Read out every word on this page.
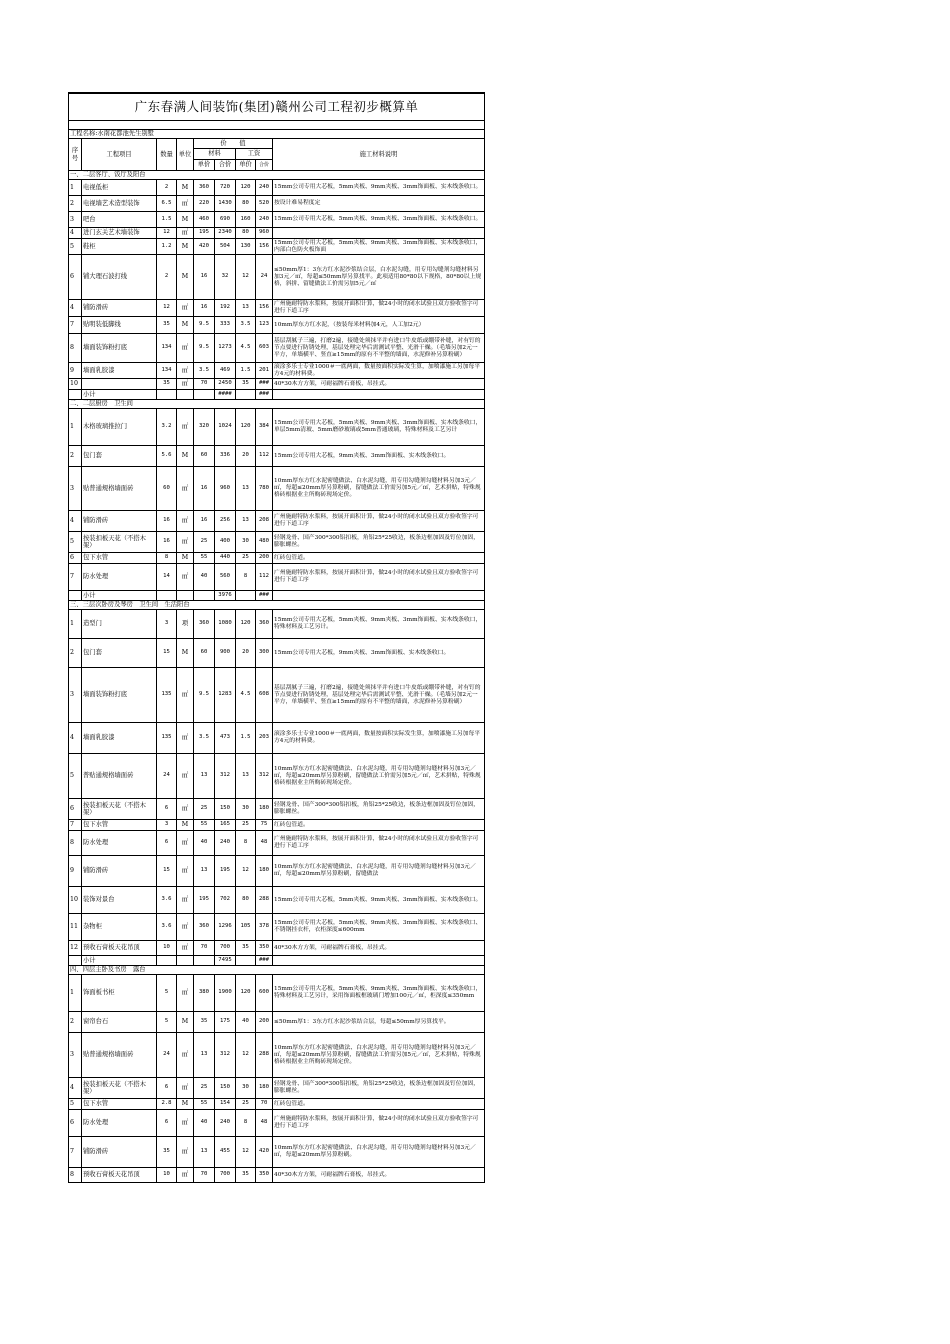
广东春满人间装饰(集团)赣州公司工程初步概算单								

工程名称:水南花都池先生别墅								
序号	工程项目	数量	单位	价　　值				施工材料说明
				材料		工资		
				单价	合价	单价	合价	
一、二层客厅、饭厅及阳台								
1	电视低柜	2	M	360	720	120	240	15mm公司专用大芯板，5mm夹板、9mm夹板、3mm饰面板、实木线条收口。
2	电视墙艺术造型装饰	6.5	㎡	220	1430	80	520	按设计难易程度定
3	吧台	1.5	M	460	690	160	240	15mm公司专用大芯板，5mm夹板、9mm夹板、3mm饰面板、实木线条收口。
4	进门玄关艺术墙装饰	12	㎡	195	2340	80	960	
5	鞋柜	1.2	M	420	504	130	156	15mm公司专用大芯板，5mm夹板、9mm夹板、3mm饰面板、实木线条收口，内部白色防火板饰面
6	铺大理石波打线	2	M	16	32	12	24	≤50mm厚1：3东方红水泥沙浆结合层，白水泥勾缝，用专用勾缝剂勾缝材料另加3元／㎡，每超≤50mm厚另算找平。此项适用80*80以下规格，80*80以上规格，斜拼、留缝做法工价需另加5元／㎡
4	铺防滑砖	12	㎡	16	192	13	156	广州施耐特防水浆料，按展开面积计算，做24小时的闭水试验且双方验收签字可进行下道工序
7	贴明装低脚线	35	M	9.5	333	3.5	123	10mm厚东方红水泥，（按装每米材料加4元，人工加2元）
8	墙面装饰粉打底	134	㎡	9.5	1273	4.5	603	基层刮腻子三遍，打磨2遍，接缝处须抹平并有进口牛皮纸或绷带补缝，对有钉的节点要进行防锈处理，基层处理完毕后需测试平整、光滑干燥。（毛墙另加2元一平方，单墙横平、竖直≥15mm的原有不平整的墙面，水泥修补另算粉刷）
9	墙面乳胶漆	134	㎡	3.5	469	1.5	201	滚涂多乐士专业1000＃一底两面，数量按面积实际发生算，加喷漆施工另加每平方4元的材料费。
10		35	㎡	70	2450	35	###	40*30木方方架，可耐福牌石膏板，吊挂式。
	小计				####		###	
二、二层厨房　卫生间								
1	木格玻璃推拉门	3.2	㎡	320	1024	120	384	15mm公司专用大芯板，5mm夹板、9mm夹板、3mm饰面板、实木线条收口，单层5mm清玻、5mm磨砂玻璃或5mm普通玻璃，特殊材料及工艺另计
2	包门套	5.6	M	60	336	20	112	15mm公司专用大芯板，9mm夹板、3mm饰面板、实木线条收口。
3	贴普通规格墙面砖	60	㎡	16	960	13	780	10mm厚东方红水泥密缝做法、白水泥勾缝，用专用勾缝剂勾缝材料另加3元／㎡，每超≤20mm厚另算粉刷，留缝做法工价需另加5元／㎡，艺术拼贴，特殊规格砖根据业主所购砖现场定价。
4	铺防滑砖	16	㎡	16	256	13	208	广州施耐特防水浆料，按展开面积计算，做24小时的闭水试验且双方验收签字可进行下道工序
5	按装扣板天花（不搭木架）	16	㎡	25	400	30	480	轻钢龙骨、国产300*300铝扣板，角铝25*25收边，板条边框加固及钉位加固，膨胀螺丝。
6	包下水管	8	M	55	440	25	200	红砖包管道。
7	防水处理	14	㎡	40	560	8	112	广州施耐特防水浆料，按展开面积计算，做24小时的闭水试验且双方验收签字可进行下道工序
	小计				3976		###	
三、三层次卧房及琴房　卫生间　生活阳台								
1	造型门	3	项	360	1080	120	360	15mm公司专用大芯板，5mm夹板、9mm夹板、3mm饰面板、实木线条收口，特殊材料及工艺另计。
2	包门套	15	M	60	900	20	300	15mm公司专用大芯板，9mm夹板、3mm饰面板、实木线条收口。
3	墙面装饰粉打底	135	㎡	9.5	1283	4.5	608	基层刮腻子三遍，打磨2遍，接缝处须抹平并有进口牛皮纸或绷带补缝，对有钉的节点要进行防锈处理，基层处理完毕后需测试平整、光滑干燥。（毛墙另加2元一平方，单墙横平、竖直≥15mm的原有不平整的墙面，水泥修补另算粉刷）
4	墙面乳胶漆	135	㎡	3.5	473	1.5	203	滚涂多乐士专业1000＃一底两面，数量按面积实际发生算，加喷漆施工另加每平方4元的材料费。
5	普贴通规格墙面砖	24	㎡	13	312	13	312	10mm厚东方红水泥密缝做法、白水泥勾缝，用专用勾缝剂勾缝材料另加3元／㎡，每超≤20mm厚另算粉刷，留缝做法工价需另加5元／㎡，艺术拼贴，特殊规格砖根据业主所购砖现场定价。
6	按装扣板天花（不搭木架）	6	㎡	25	150	30	180	轻钢龙骨、国产300*300铝扣板，角铝25*25收边，板条边框加固及钉位加固，膨胀螺丝。
7	包下水管	3	M	55	165	25	75	红砖包管道。
8	防水处理	6	㎡	40	240	8	48	广州施耐特防水浆料，按展开面积计算，做24小时的闭水试验且双方验收签字可进行下道工序
9	铺防滑砖	15	㎡	13	195	12	180	10mm厚东方红水泥密缝做法、白水泥勾缝，用专用勾缝剂勾缝材料另加3元／㎡，每超≤20mm厚另算粉刷，留缝做法
10	装饰对景台	3.6	㎡	195	702	80	288	15mm公司专用大芯板，5mm夹板、9mm夹板、3mm饰面板、实木线条收口。
11	杂物柜	3.6	㎡	360	1296	105	378	15mm公司专用大芯板，5mm夹板、9mm夹板、3mm饰面板、实木线条收口、不锈钢挂衣杆，衣柜深度≤600mm
12	预收石膏板天花吊顶	10	㎡	70	700	35	350	40*30木方方架，可耐福牌石膏板，吊挂式。
	小计				7495		###	
四、四层主卧及书房　露台								
1	饰面板书柜	5	㎡	380	1900	120	600	15mm公司专用大芯板，5mm夹板、9mm夹板、3mm饰面板、实木线条收口，特殊材料及工艺另计，采用饰面板框玻璃门增加100元／㎡，柜深度≤350mm
2	窗帘台石	5	M	35	175	40	200	≤50mm厚1：3东方红水泥沙浆结合层，每超≤50mm厚另算找平。
3	贴普通规格墙面砖	24	㎡	13	312	12	288	10mm厚东方红水泥密缝做法、白水泥勾缝，用专用勾缝剂勾缝材料另加3元／㎡，每超≤20mm厚另算粉刷，留缝做法工价需另加5元／㎡，艺术拼贴，特殊规格砖根据业主所购砖现场定价。
4	按装扣板天花（不搭木架）	6	㎡	25	150	30	180	轻钢龙骨、国产300*300铝扣板，角铝25*25收边，板条边框加固及钉位加固，膨胀螺丝。
5	包下水管	2.8	M	55	154	25	70	红砖包管道。
6	防水处理	6	㎡	40	240	8	48	广州施耐特防水浆料，按展开面积计算，做24小时的闭水试验且双方验收签字可进行下道工序
7	铺防滑砖	35	㎡	13	455	12	420	10mm厚东方红水泥密缝做法、白水泥勾缝，用专用勾缝剂勾缝材料另加3元／㎡，每超≤20mm厚另算粉刷。
8	预收石膏板天花吊顶	10	㎡	70	700	35	350	40*30木方方架，可耐福牌石膏板，吊挂式。
